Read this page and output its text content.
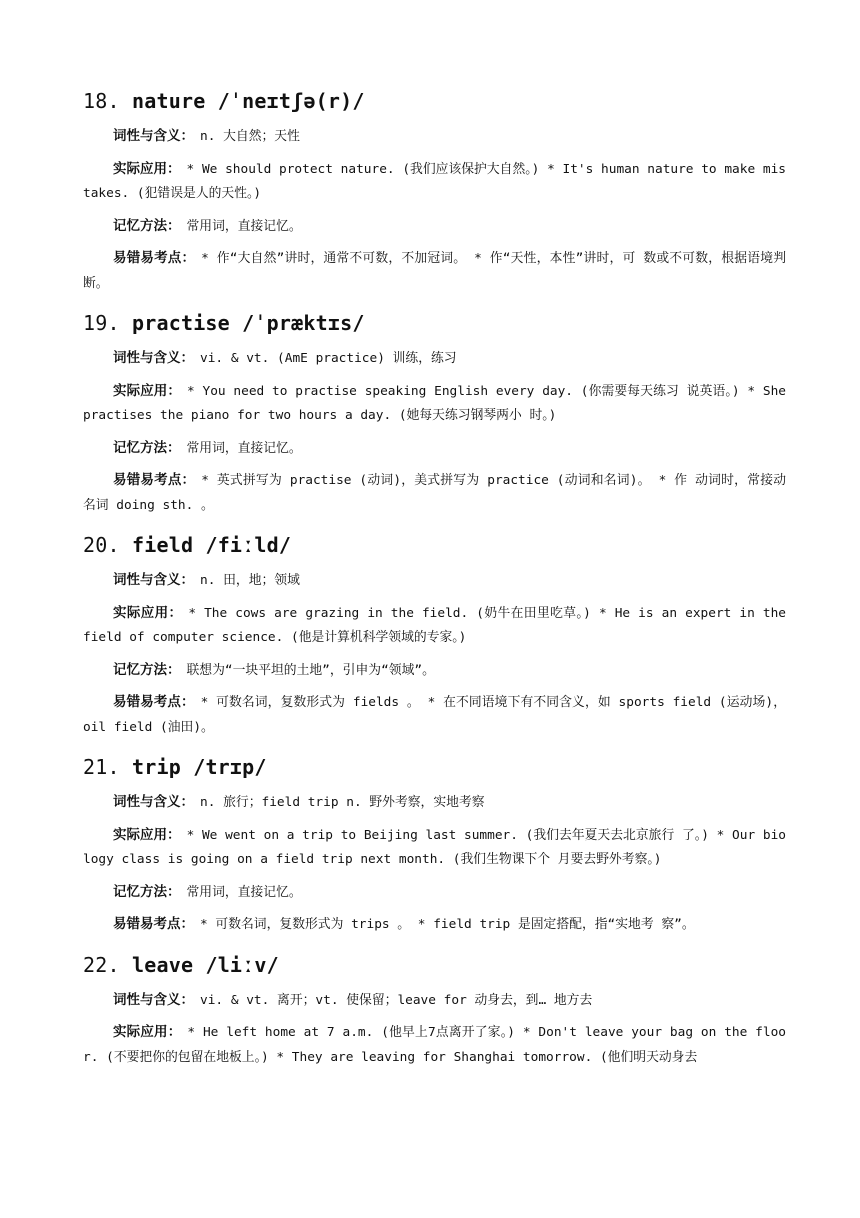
18. nature /ˈneɪtʃə(r)/

词性与含义： n. 大自然；天性

实际应用： * We should protect nature. (我们应该保护大自然。) * It's human nature to make mistakes. (犯错误是人的天性。)

记忆方法： 常用词，直接记忆。

易错易考点： * 作“大自然”讲时，通常不可数，不加冠词。 * 作“天性，本性”讲时，可 数或不可数，根据语境判断。

19. practise /ˈpræktɪs/

词性与含义： vi. & vt. (AmE practice) 训练，练习

实际应用： * You need to practise speaking English every day. (你需要每天练习 说英语。) * She practises the piano for two hours a day. (她每天练习钢琴两小 时。)

记忆方法： 常用词，直接记忆。

易错易考点： * 英式拼写为 practise (动词)，美式拼写为 practice (动词和名词)。 * 作 动词时，常接动名词 doing sth. 。

20. field /fiːld/

词性与含义： n. 田，地；领域

实际应用： * The cows are grazing in the field. (奶牛在田里吃草。) * He is an expert in the field of computer science. (他是计算机科学领域的专家。)

记忆方法： 联想为“一块平坦的土地”，引申为“领域”。

易错易考点： * 可数名词，复数形式为 fields 。 * 在不同语境下有不同含义，如 sports field (运动场)， oil field (油田)。

21. trip /trɪp/

词性与含义： n. 旅行；field trip n. 野外考察，实地考察

实际应用： * We went on a trip to Beijing last summer. (我们去年夏天去北京旅行 了。) * Our biology class is going on a field trip next month. (我们生物课下个 月要去野外考察。)

记忆方法： 常用词，直接记忆。

易错易考点： * 可数名词，复数形式为 trips 。 * field trip 是固定搭配，指“实地考 察”。

22. leave /liːv/

词性与含义： vi. & vt. 离开；vt. 使保留；leave for 动身去，到… 地方去

实际应用： * He left home at 7 a.m. (他早上7点离开了家。) * Don't leave your bag on the floor. (不要把你的包留在地板上。) * They are leaving for Shanghai tomorrow. (他们明天动身去
